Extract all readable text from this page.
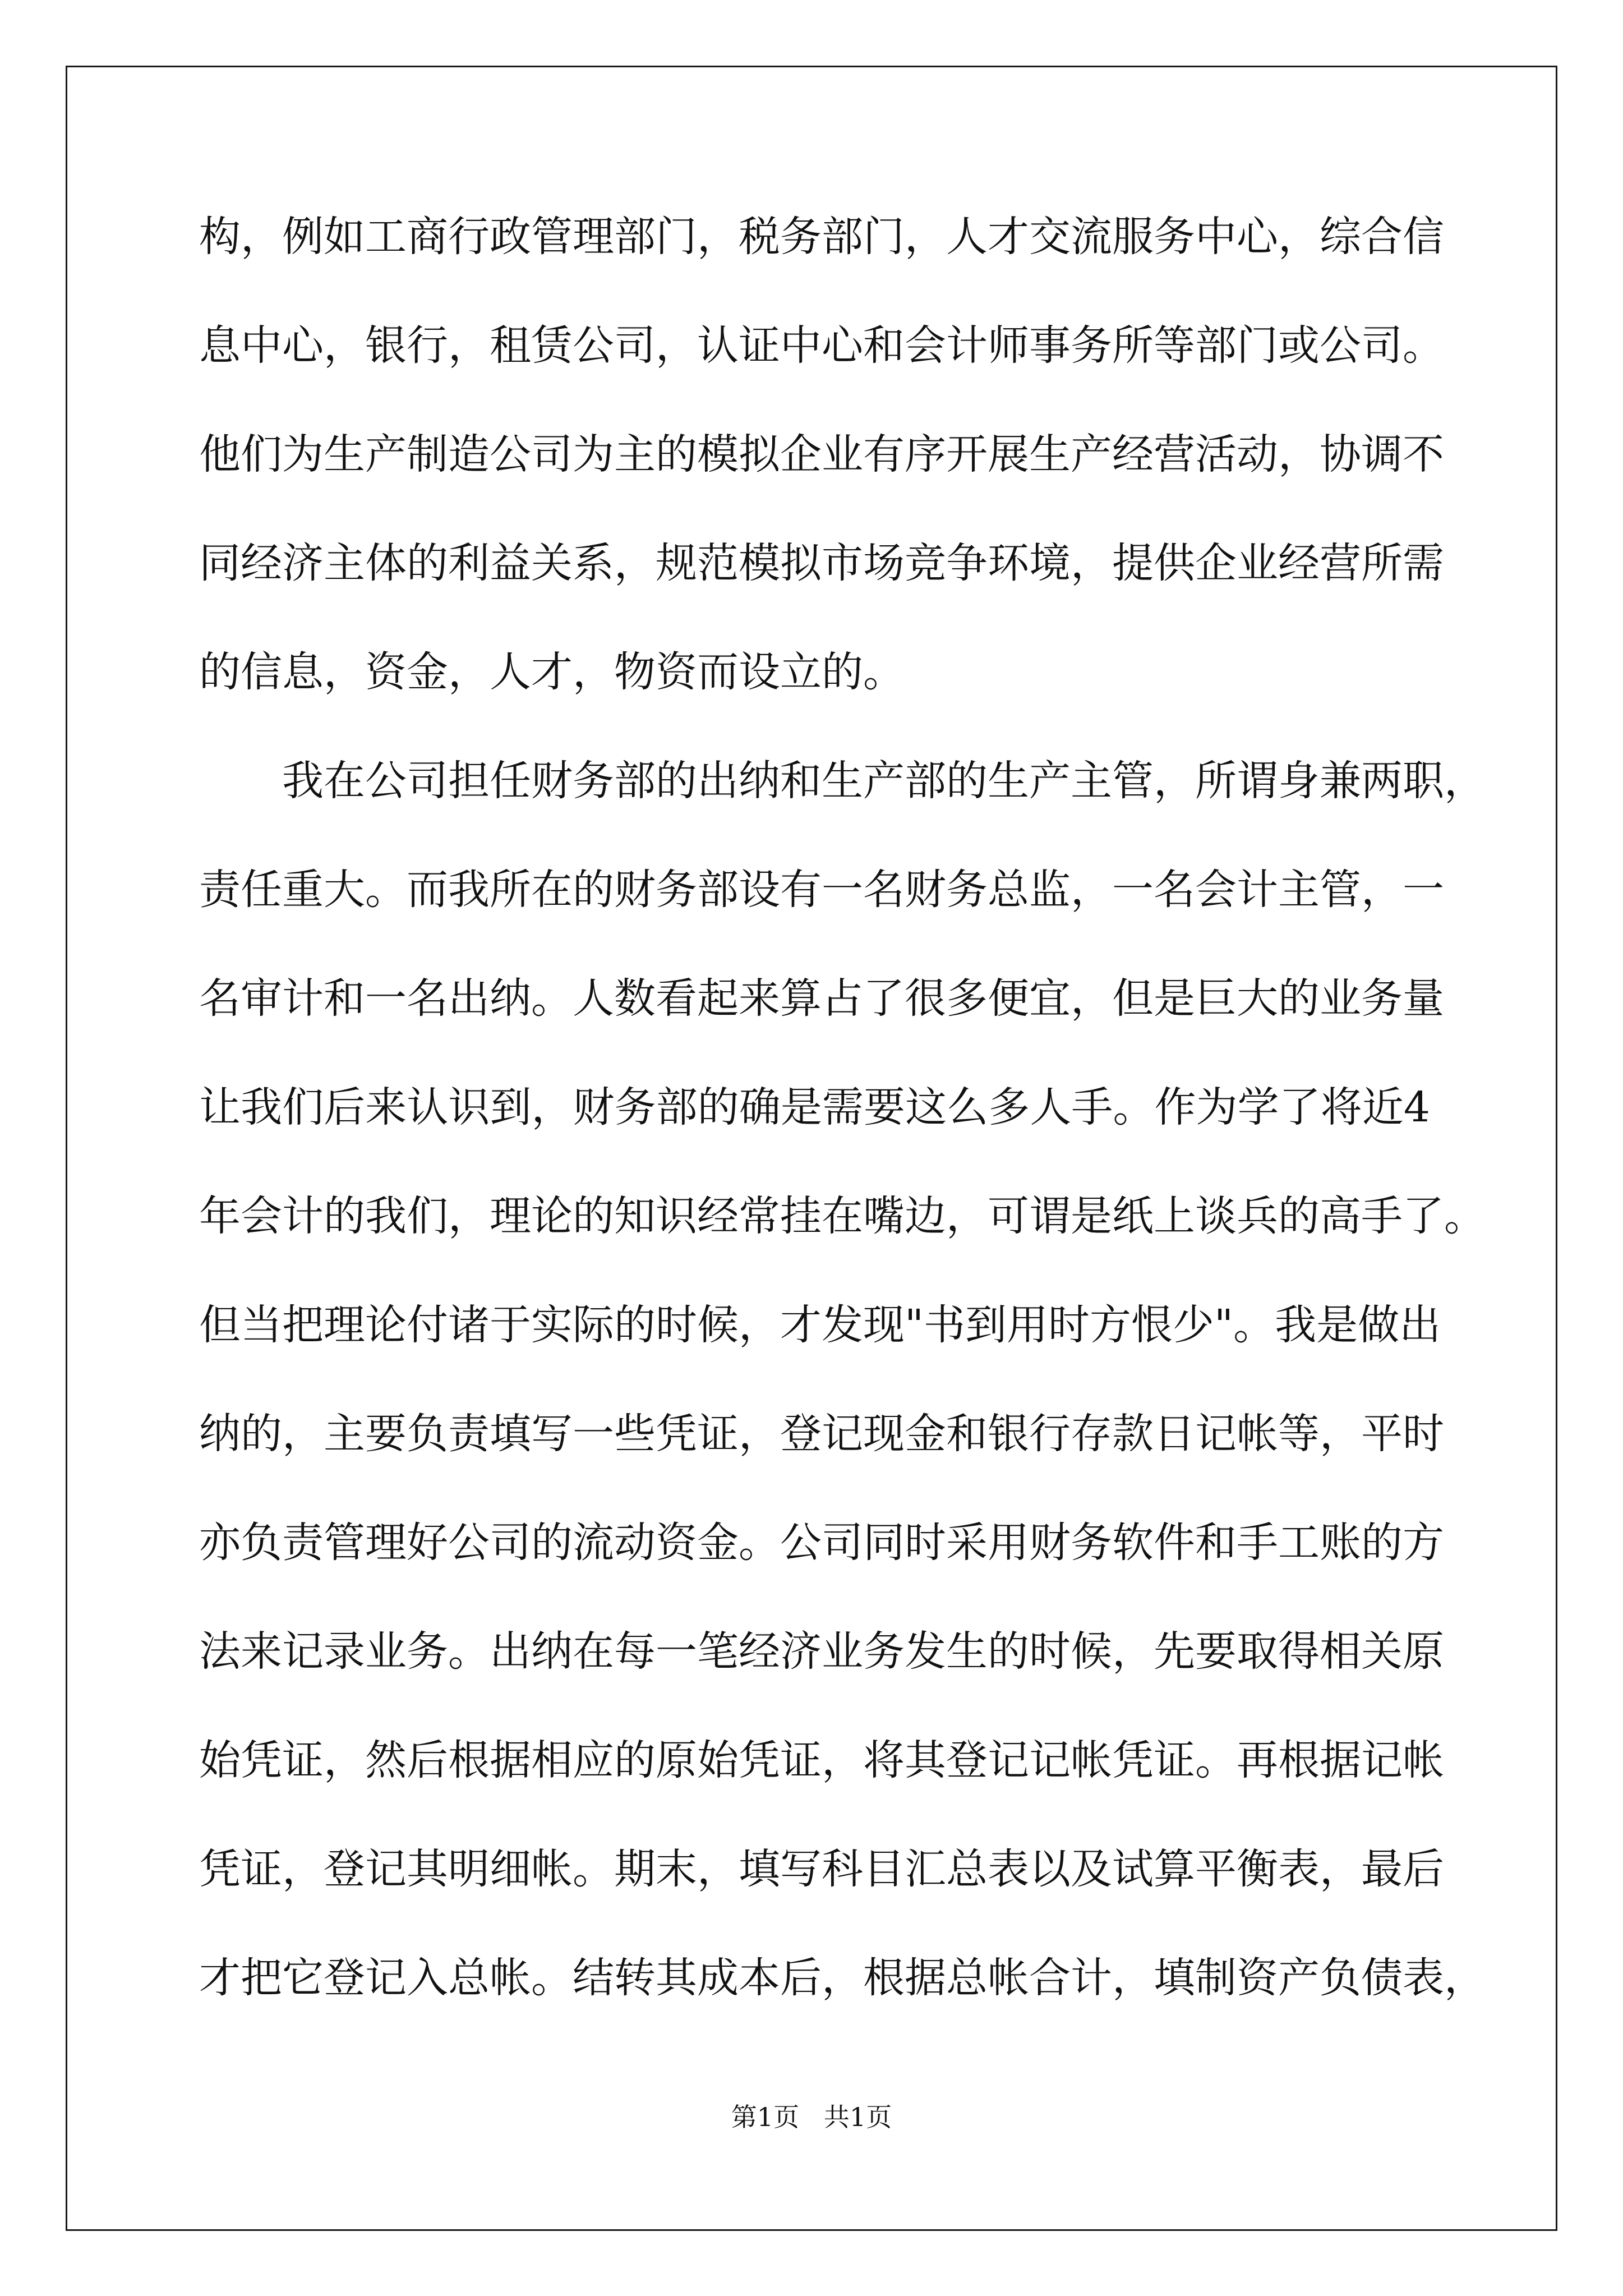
构，例如工商行政管理部门，税务部门，人才交流服务中心，综合信
息中心，银行，租赁公司，认证中心和会计师事务所等部门或公司。
他们为生产制造公司为主的模拟企业有序开展生产经营活动，协调不
同经济主体的利益关系，规范模拟市场竞争环境，提供企业经营所需
的信息，资金，人才，物资而设立的。
我在公司担任财务部的出纳和生产部的生产主管，所谓身兼两职，
责任重大。而我所在的财务部设有一名财务总监，一名会计主管，一
名审计和一名出纳。人数看起来算占了很多便宜，但是巨大的业务量
让我们后来认识到，财务部的确是需要这么多人手。作为学了将近4
年会计的我们，理论的知识经常挂在嘴边，可谓是纸上谈兵的高手了。
但当把理论付诸于实际的时候，才发现"书到用时方恨少"。我是做出
纳的，主要负责填写一些凭证，登记现金和银行存款日记帐等，平时
亦负责管理好公司的流动资金。公司同时采用财务软件和手工账的方
法来记录业务。出纳在每一笔经济业务发生的时候，先要取得相关原
始凭证，然后根据相应的原始凭证，将其登记记帐凭证。再根据记帐
凭证，登记其明细帐。期末，填写科目汇总表以及试算平衡表，最后
才把它登记入总帐。结转其成本后，根据总帐合计，填制资产负债表，
第1页   共1页
